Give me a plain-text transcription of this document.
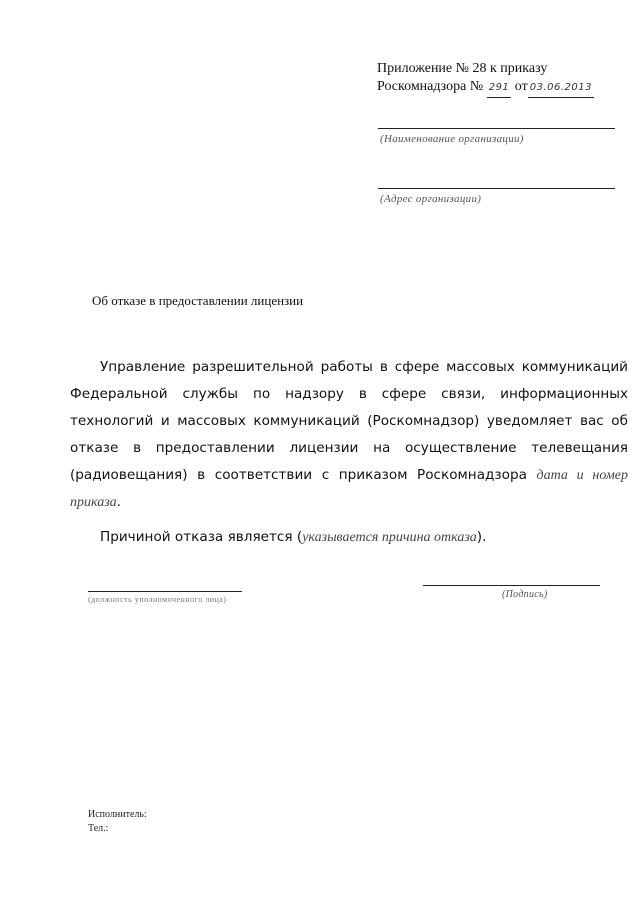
Приложение № 28 к приказу
Роскомнадзора № 291 от 03.06.2013
(Наименование организации)
(Адрес организации)
Об отказе в предоставлении лицензии

Управление разрешительной работы в сфере массовых коммуникаций Федеральной службы по надзору в сфере связи, информационных технологий и массовых коммуникаций (Роскомнадзор) уведомляет вас об отказе в предоставлении лицензии на осуществление телевещания (радиовещания) в соответствии с приказом Роскомнадзора дата и номер приказа.

Причиной отказа является (указывается причина отказа).

(должность уполномоченного лица)	(Подпись)
Исполнитель:
Тел.:
